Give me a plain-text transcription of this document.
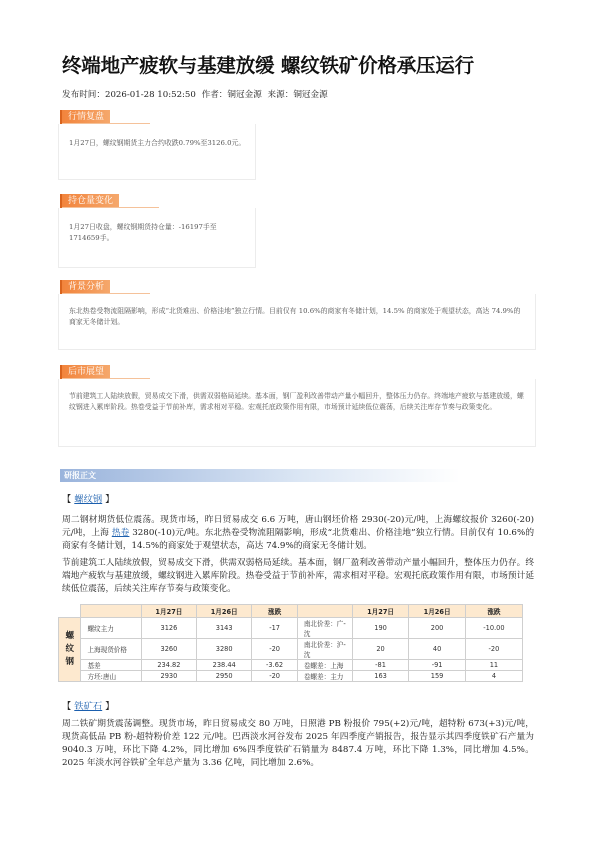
终端地产疲软与基建放缓 螺纹铁矿价格承压运行
发布时间：2026-01-28 10:52:50 作者：铜冠金源 来源：铜冠金源
行情复盘
1月27日，螺纹钢期货主力合约收跌0.79%至3126.0元。
持仓量变化
1月27日收盘，螺纹钢期货持仓量：-16197手至1714659手。
背景分析
东北热卷受物流阻隔影响，形成“北货难出、价格洼地”独立行情。目前仅有 10.6%的商家有冬储计划，14.5% 的商家处于观望状态，高达 74.9%的商家无冬储计划。
后市展望
节前建筑工人陆续放假，贸易成交下滑，供需双弱格局延续。基本面，钢厂盈利改善带动产量小幅回升，整体压力仍存。终端地产疲软与基建放缓，螺纹钢进入累库阶段。热卷受益于节前补库，需求相对平稳。宏观托底政策作用有限，市场预计延续低位震荡，后续关注库存节奏与政策变化。
研报正文
【 螺纹钢 】
周二钢材期货低位震荡。现货市场，昨日贸易成交 6.6 万吨，唐山钢坯价格 2930(-20)元/吨，上海螺纹报价 3260(-20)元/吨，上海 热卷 3280(-10)元/吨。东北热卷受物流阻隔影响，形成“北货难出、价格洼地”独立行情。目前仅有 10.6%的商家有冬储计划，14.5%的商家处于观望状态，高达 74.9%的商家无冬储计划。
节前建筑工人陆续放假，贸易成交下滑，供需双弱格局延续。基本面，钢厂盈利改善带动产量小幅回升，整体压力仍存。终端地产疲软与基建放缓，螺纹钢进入累库阶段。热卷受益于节前补库，需求相对平稳。宏观托底政策作用有限，市场预计延续低位震荡，后续关注库存节奏与政策变化。
		1月27日	1月26日	涨跌		1月27日	1月26日	涨跌
螺
纹
钢	螺纹主力	3126	3143	-17	南北价差：广-沈	190	200	-10.00
	上海现货价格	3260	3280	-20	南北价差：沪-沈	20	40	-20
	基差	234.82	238.44	-3.62	卷螺差：上海	-81	-91	11
	方坯:唐山	2930	2950	-20	卷螺差：主力	163	159	4
【 铁矿石 】
周二铁矿期货震荡调整。现货市场，昨日贸易成交 80 万吨，日照港 PB 粉报价 795(+2)元/吨，超特粉 673(+3)元/吨，现货高低品 PB 粉-超特粉价差 122 元/吨。巴西淡水河谷发布 2025 年四季度产销报告，报告显示其四季度铁矿石产量为 9040.3 万吨，环比下降 4.2%，同比增加 6%四季度铁矿石销量为 8487.4 万吨，环比下降 1.3%，同比增加 4.5%。2025 年淡水河谷铁矿全年总产量为 3.36 亿吨，同比增加 2.6%。
